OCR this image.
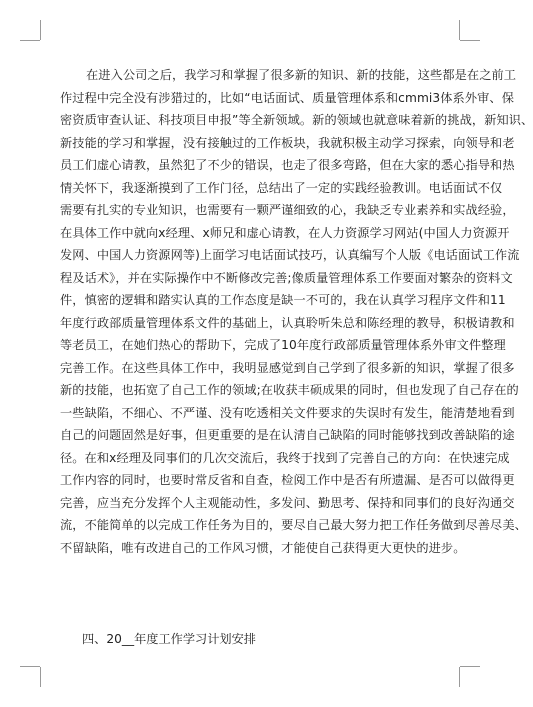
在进入公司之后，我学习和掌握了很多新的知识、新的技能，这些都是在之前工
作过程中完全没有涉猎过的，比如“电话面试、质量管理体系和cmmi3体系外审、保
密资质审查认证、科技项目申报”等全新领域。新的领域也就意味着新的挑战，新知识、
新技能的学习和掌握，没有接触过的工作板块，我就积极主动学习探索，向领导和老
员工们虚心请教，虽然犯了不少的错误，也走了很多弯路，但在大家的悉心指导和热
情关怀下，我逐渐摸到了工作门径，总结出了一定的实践经验教训。电话面试不仅
需要有扎实的专业知识，也需要有一颗严谨细致的心，我缺乏专业素养和实战经验，
在具体工作中就向x经理、x师兄和虚心请教，在人力资源学习网站(中国人力资源开
发网、中国人力资源网等)上面学习电话面试技巧，认真编写个人版《电话面试工作流
程及话术》，并在实际操作中不断修改完善;像质量管理体系工作要面对繁杂的资料文
件，慎密的逻辑和踏实认真的工作态度是缺一不可的，我在认真学习程序文件和11
年度行政部质量管理体系文件的基础上，认真聆听朱总和陈经理的教导，积极请教和
等老员工，在她们热心的帮助下，完成了10年度行政部质量管理体系外审文件整理
完善工作。在这些具体工作中，我明显感觉到自己学到了很多新的知识，掌握了很多
新的技能，也拓宽了自己工作的领域;在收获丰硕成果的同时，但也发现了自己存在的
一些缺陷，不细心、不严谨、没有吃透相关文件要求的失误时有发生，能清楚地看到
自己的问题固然是好事，但更重要的是在认清自己缺陷的同时能够找到改善缺陷的途
径。在和x经理及同事们的几次交流后，我终于找到了完善自己的方向：在快速完成
工作内容的同时，也要时常反省和自查，检阅工作中是否有所遗漏、是否可以做得更
完善，应当充分发挥个人主观能动性，多发问、勤思考、保持和同事们的良好沟通交
流，不能简单的以完成工作任务为目的，要尽自己最大努力把工作任务做到尽善尽美、
不留缺陷，唯有改进自己的工作风习惯，才能使自己获得更大更快的进步。
四、20__年度工作学习计划安排
